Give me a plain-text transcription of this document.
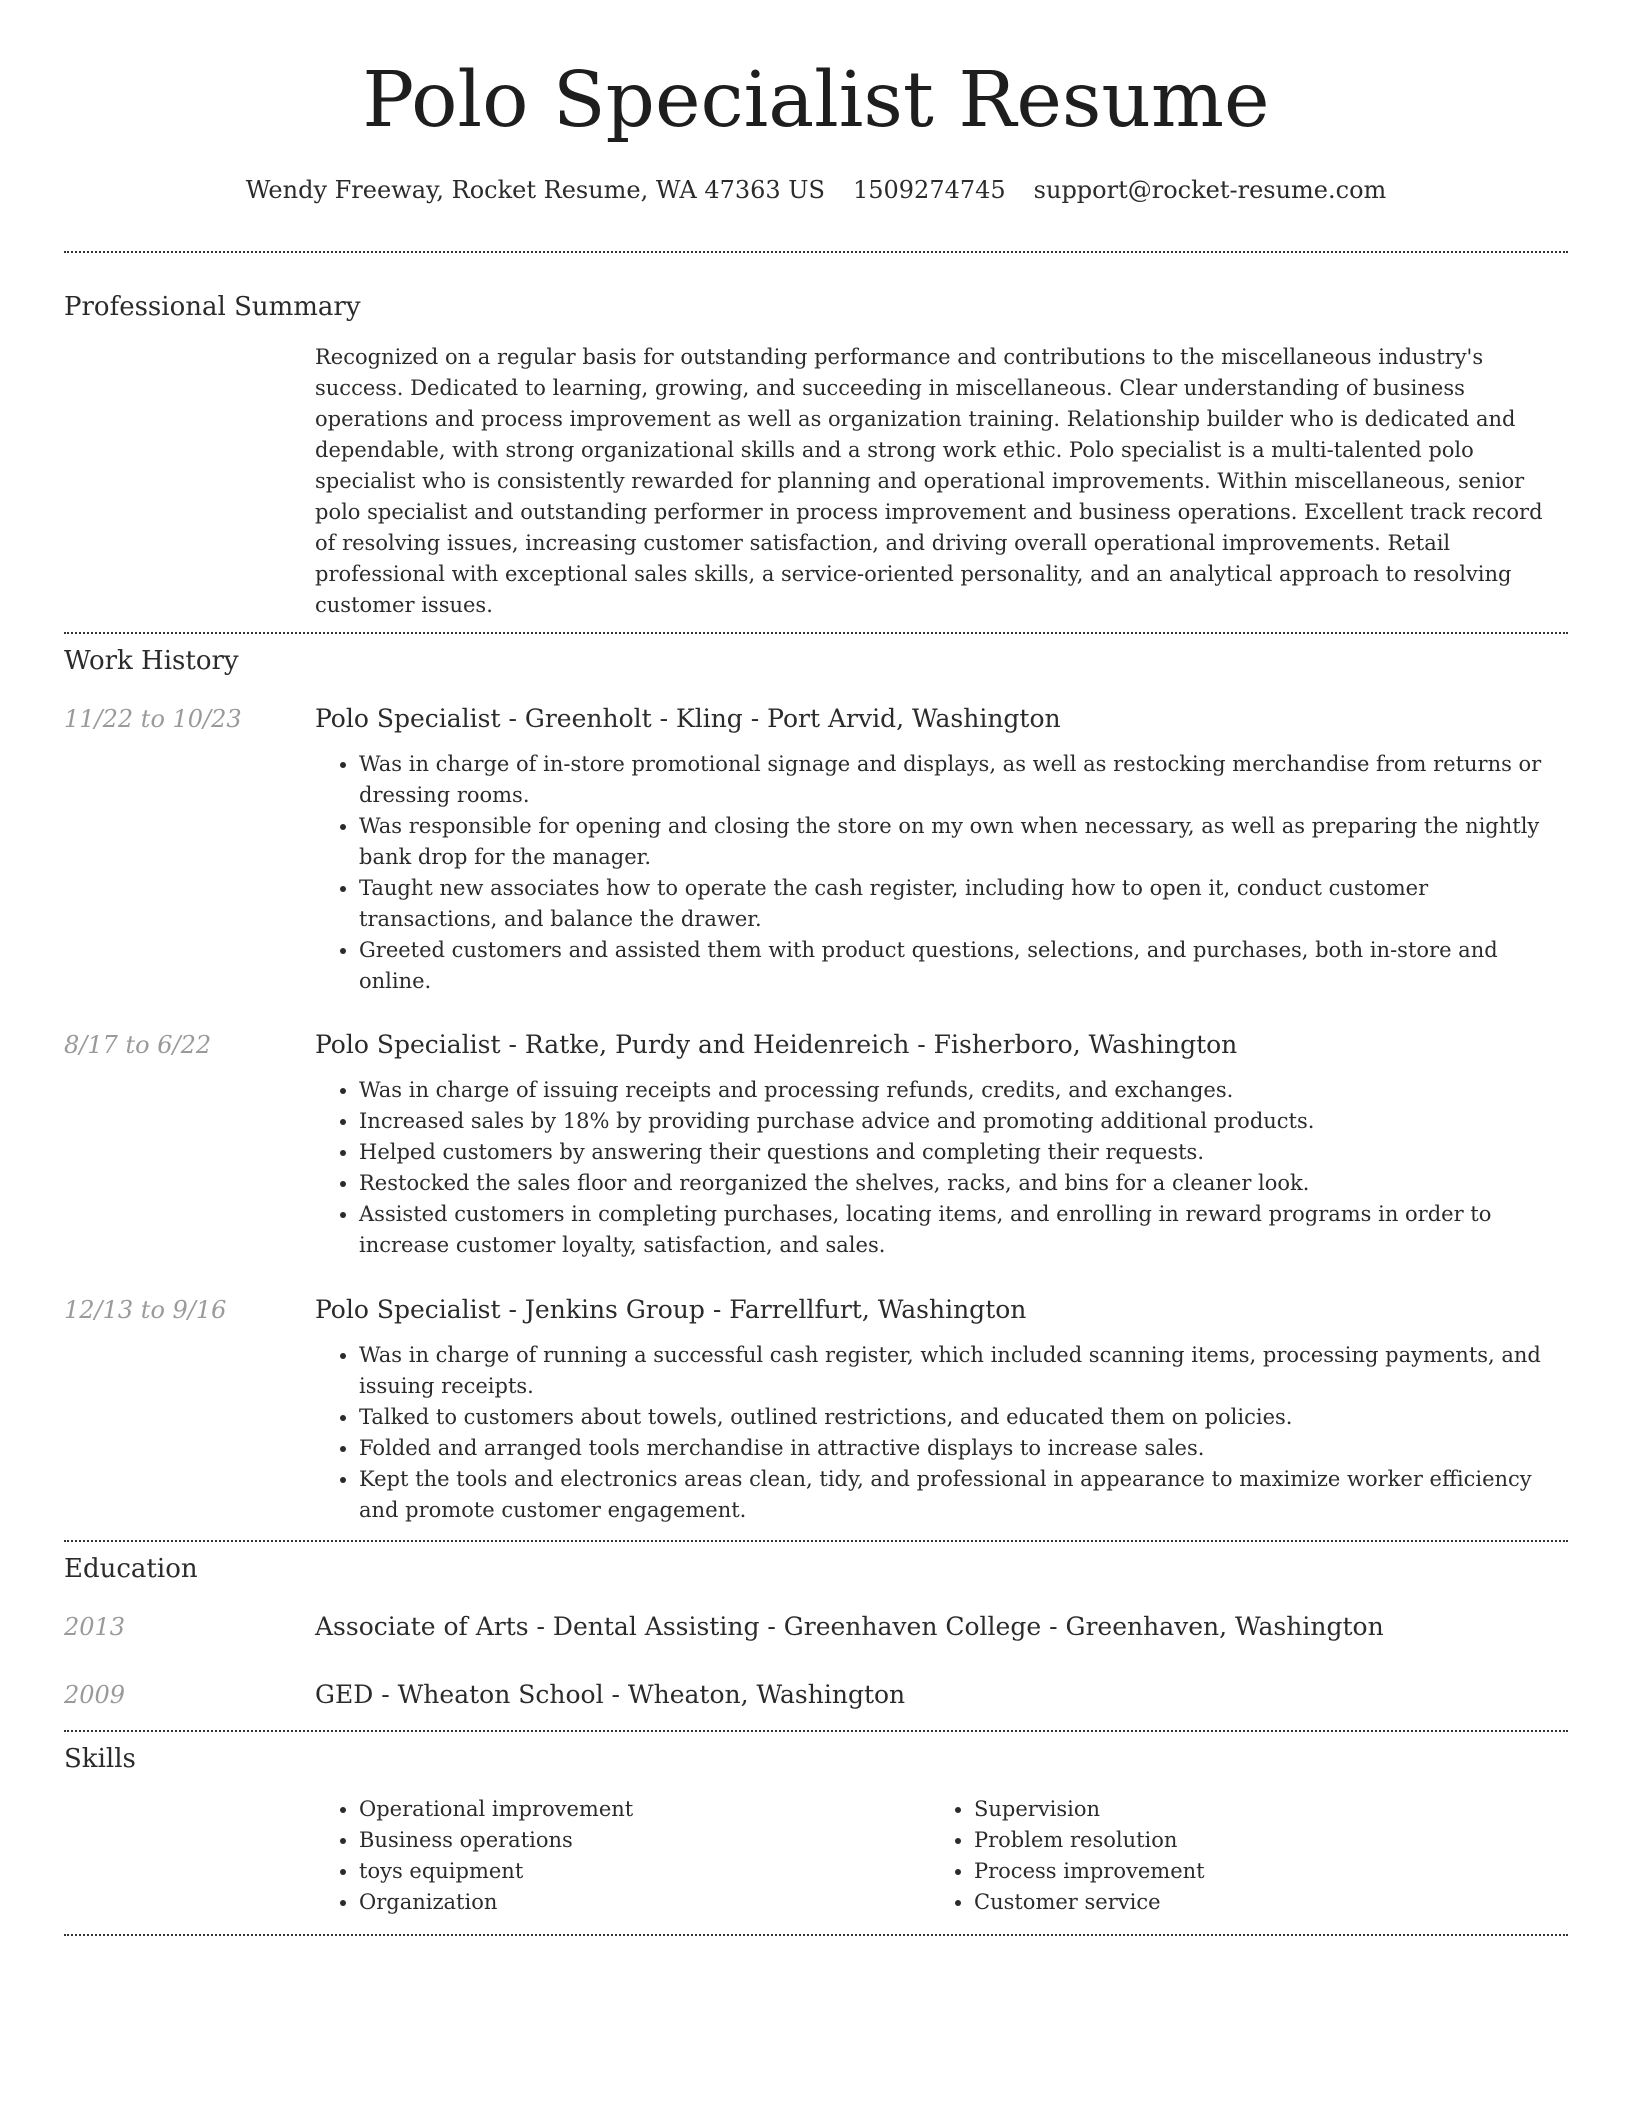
Polo Specialist Resume
Wendy Freeway, Rocket Resume, WA 47363 US 1509274745 support@rocket-resume.com
Professional Summary
Recognized on a regular basis for outstanding performance and contributions to the miscellaneous industry's success. Dedicated to learning, growing, and succeeding in miscellaneous. Clear understanding of business operations and process improvement as well as organization training. Relationship builder who is dedicated and dependable, with strong organizational skills and a strong work ethic. Polo specialist is a multi-talented polo specialist who is consistently rewarded for planning and operational improvements. Within miscellaneous, senior polo specialist and outstanding performer in process improvement and business operations. Excellent track record of resolving issues, increasing customer satisfaction, and driving overall operational improvements. Retail professional with exceptional sales skills, a service-oriented personality, and an analytical approach to resolving customer issues.
Work History
11/22 to 10/23	Polo Specialist - Greenholt - Kling - Port Arvid, Washington
• Was in charge of in-store promotional signage and displays, as well as restocking merchandise from returns or dressing rooms.
• Was responsible for opening and closing the store on my own when necessary, as well as preparing the nightly bank drop for the manager.
• Taught new associates how to operate the cash register, including how to open it, conduct customer transactions, and balance the drawer.
• Greeted customers and assisted them with product questions, selections, and purchases, both in-store and online.
8/17 to 6/22	Polo Specialist - Ratke, Purdy and Heidenreich - Fisherboro, Washington
• Was in charge of issuing receipts and processing refunds, credits, and exchanges.
• Increased sales by 18% by providing purchase advice and promoting additional products.
• Helped customers by answering their questions and completing their requests.
• Restocked the sales floor and reorganized the shelves, racks, and bins for a cleaner look.
• Assisted customers in completing purchases, locating items, and enrolling in reward programs in order to increase customer loyalty, satisfaction, and sales.
12/13 to 9/16	Polo Specialist - Jenkins Group - Farrellfurt, Washington
• Was in charge of running a successful cash register, which included scanning items, processing payments, and issuing receipts.
• Talked to customers about towels, outlined restrictions, and educated them on policies.
• Folded and arranged tools merchandise in attractive displays to increase sales.
• Kept the tools and electronics areas clean, tidy, and professional in appearance to maximize worker efficiency and promote customer engagement.
Education
2013	Associate of Arts - Dental Assisting - Greenhaven College - Greenhaven, Washington
2009	GED - Wheaton School - Wheaton, Washington
Skills
• Operational improvement
• Business operations
• toys equipment
• Organization
• Supervision
• Problem resolution
• Process improvement
• Customer service
